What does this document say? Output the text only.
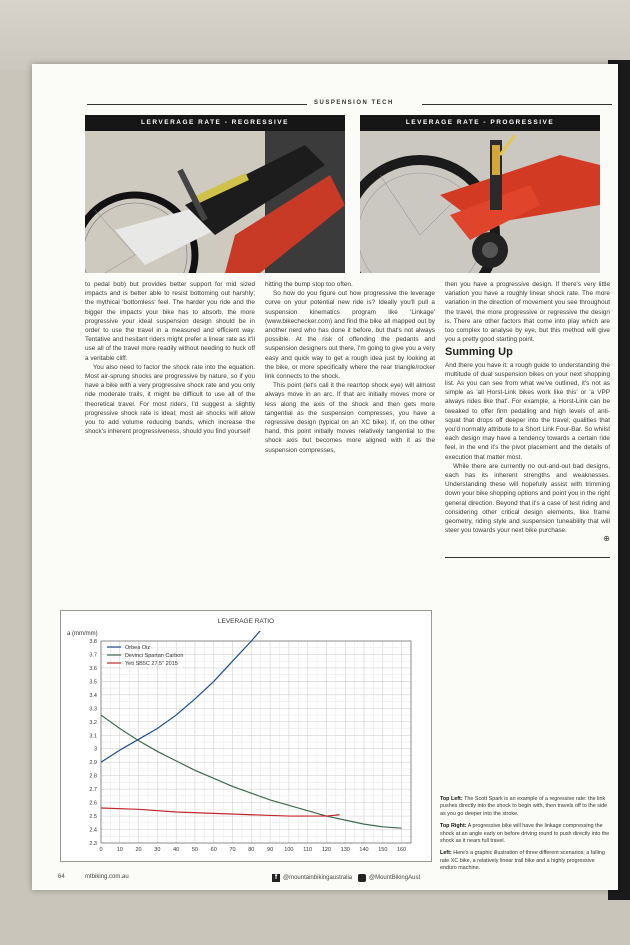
SUSPENSION TECH
LERVERAGE RATE - REGRESSIVE	LEVERAGE RATE - PROGRESSIVE

to pedal bob) but provides better support for mid sized impacts and is better able to resist bottoming out harshly; the mythical 'bottomless' feel. The harder you ride and the bigger the impacts your bike has to absorb, the more progressive your ideal suspension design should be in order to use the travel in a measured and efficient way. Tentative and hesitant riders might prefer a linear rate as it'll use all of the travel more readily without needing to huck off a veritable cliff.

You also need to factor the shock rate into the equation. Most air-sprung shocks are progressive by nature, so if you have a bike with a very progressive shock rate and you only ride moderate trails, it might be difficult to use all of the theoretical travel. For most riders, I'd suggest a slightly progressive shock rate is ideal; most air shocks will allow you to add volume reducing bands, which increase the shock's inherent progressiveness, should you find yourself

hitting the bump stop too often.

So how do you figure out how progressive the leverage curve on your potential new ride is? Ideally you'll pull a suspension kinematics program like 'Linkage' (www.bikechecker.com) and find the bike all mapped out by another nerd who has done it before, but that's not always possible. At the risk of offending the pedants and suspension designers out there, I'm going to give you a very easy and quick way to get a rough idea just by looking at the bike, or more specifically where the rear triangle/rocker link connects to the shock.

This point (let's call it the rear/top shock eye) will almost always move in an arc. If that arc initially moves more or less along the axis of the shock and then gets more tangential as the suspension compresses, you have a regressive design (typical on an XC bike). If, on the other hand, this point initially moves relatively tangential to the shock axis but becomes more aligned with it as the suspension compresses,

then you have a progressive design. If there's very little variation you have a roughly linear shock rate. The more variation in the direction of movement you see throughout the travel, the more progressive or regressive the design is. There are other factors that come into play which are too complex to analyse by eye, but this method will give you a pretty good starting point.

Summing Up

And there you have it: a rough guide to understanding the multitude of dual suspension bikes on your next shopping list. As you can see from what we've outlined, it's not as simple as 'all Horst-Link bikes work like this' or 'a VPP always rides like that'. For example, a Horst-Link can be tweaked to offer firm pedalling and high levels of anti-squat that drops off deeper into the travel; qualities that you'd normally attribute to a Short Link Four-Bar. So whilst each design may have a tendency towards a certain ride feel, in the end it's the pivot placement and the details of execution that matter most.

While there are currently no out-and-out bad designs, each has its inherent strengths and weaknesses. Understanding these will hopefully assist with trimming down your bike shopping options and point you in the right general direction. Beyond that it's a case of test riding and considering other critical design elements, like frame geometry, riding style and suspension tuneability that will steer you towards your next bike purchase.

⊕
LEVERAGE RATIO
a (mm/mm)
0	10 20 30 40 50 60 70 80 90 100 110 120 130 140 150 160
2.3
2.4
2.5
2.6
2.7
2.8
2.9
3
3.1
3.2
3.3
3.4
3.5
3.6
3.7
3.8
Orbea Oiz
Devinci Spartan Carbon
Yeti SB5C 27.5" 2015
Top Left: The Scott Spark is an example of a regressive rate: the link pushes directly into the shock to begin with, then travels off to the side as you go deeper into the stroke.
Top Right: A progressive bike will have the linkage compressing the shock at an angle early on before driving round to push directly into the shock as it nears full travel.
Left: Here's a graphic illustration of three different scenarios; a falling rate XC bike, a relatively linear trail bike and a highly progressive enduro machine.
64	mtbiking.com.au	f @mountainbikingaustralia	@MountBikingAust
